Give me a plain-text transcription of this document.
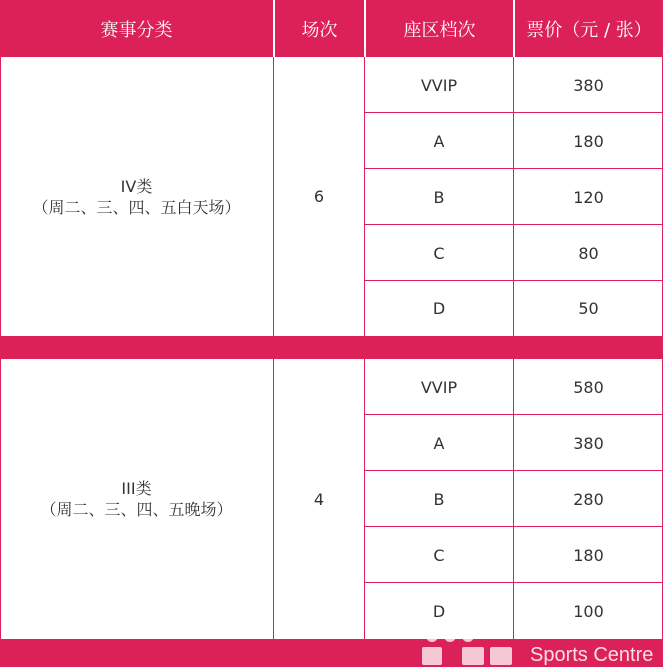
赛事分类	场次	座区档次	票价（元 / 张）
IV类
（周二、三、四、五白天场）
6
VVIP	380
A	180
B	120
C	80
D	50
III类
（周二、三、四、五晚场）
4
VVIP	580
A	380
B	280
C	180
D	100
Sports Centre
